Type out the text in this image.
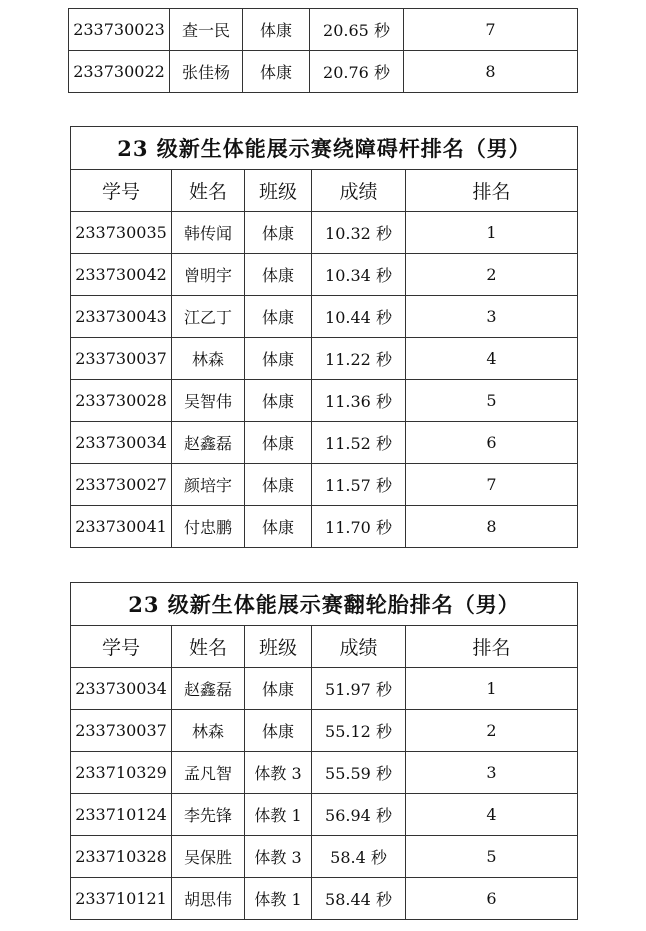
233730023	查一民	体康	20.65 秒	7
233730022	张佳杨	体康	20.76 秒	8
23 级新生体能展示赛绕障碍杆排名（男）				
学号	姓名	班级	成绩	排名
233730035	韩传闻	体康	10.32 秒	1
233730042	曾明宇	体康	10.34 秒	2
233730043	江乙丁	体康	10.44 秒	3
233730037	林森	体康	11.22 秒	4
233730028	吴智伟	体康	11.36 秒	5
233730034	赵鑫磊	体康	11.52 秒	6
233730027	颜培宇	体康	11.57 秒	7
233730041	付忠鹏	体康	11.70 秒	8
23 级新生体能展示赛翻轮胎排名（男）				
学号	姓名	班级	成绩	排名
233730034	赵鑫磊	体康	51.97 秒	1
233730037	林森	体康	55.12 秒	2
233710329	孟凡智	体教 3	55.59 秒	3
233710124	李先锋	体教 1	56.94 秒	4
233710328	吴保胜	体教 3	58.4 秒	5
233710121	胡思伟	体教 1	58.44 秒	6
